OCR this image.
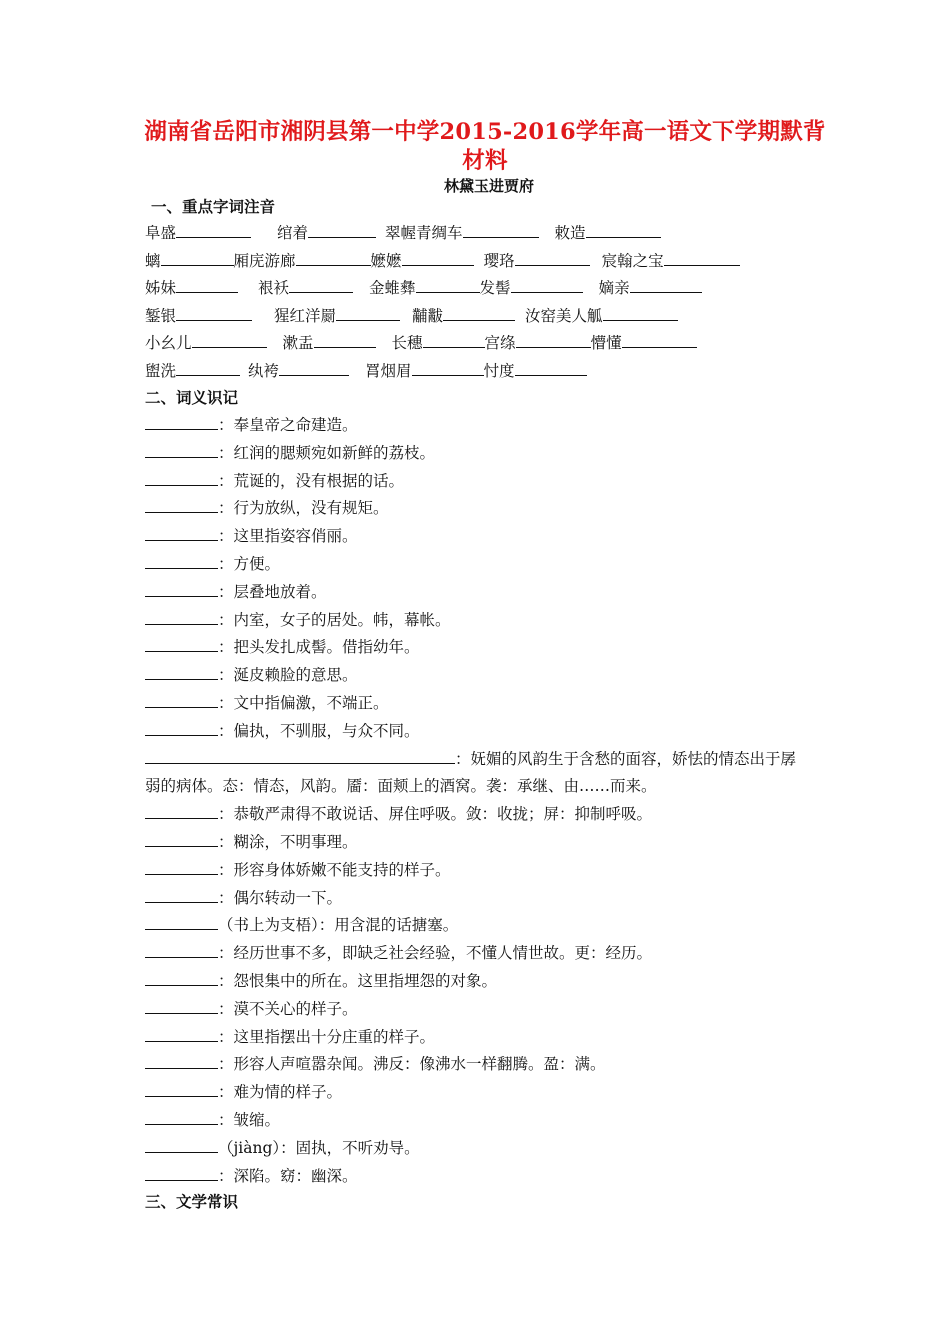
湖南省岳阳市湘阴县第一中学2015-2016学年高一语文下学期默背材料
林黛玉进贾府
一、重点字词注音
阜盛	绾着	翠幄青绸车	敕造
螭	厢庑游廊	嬷嬷	璎珞	宸翰之宝
姊妹	裉袄	金蜼彝	发髻	嫡亲
錾银	猩红洋罽	黼黻	汝窑美人觚
小幺儿	漱盂	长穗	宫绦	懵懂
盥洗	纨袴	罥烟眉	忖度
二、词义识记
：奉皇帝之命建造。
：红润的腮颊宛如新鲜的荔枝。
：荒诞的，没有根据的话。
：行为放纵，没有规矩。
：这里指姿容俏丽。
：方便。
：层叠地放着。
：内室，女子的居处。帏，幕帐。
：把头发扎成髻。借指幼年。
：涎皮赖脸的意思。
：文中指偏激，不端正。
：偏执，不驯服，与众不同。
：妩媚的风韵生于含愁的面容，娇怯的情态出于孱弱的病体。态：情态，风韵。靥：面颊上的酒窝。袭：承继、由……而来。
：恭敬严肃得不敢说话、屏住呼吸。敛：收拢；屏：抑制呼吸。
：糊涂，不明事理。
：形容身体娇嫩不能支持的样子。
：偶尔转动一下。
（书上为支梧）：用含混的话搪塞。
：经历世事不多，即缺乏社会经验，不懂人情世故。更：经历。
：怨恨集中的所在。这里指埋怨的对象。
：漠不关心的样子。
：这里指摆出十分庄重的样子。
：形容人声喧嚣杂闻。沸反：像沸水一样翻腾。盈：满。
：难为情的样子。
：皱缩。
（jiàng）：固执，不听劝导。
：深陷。窈：幽深。
三、文学常识
